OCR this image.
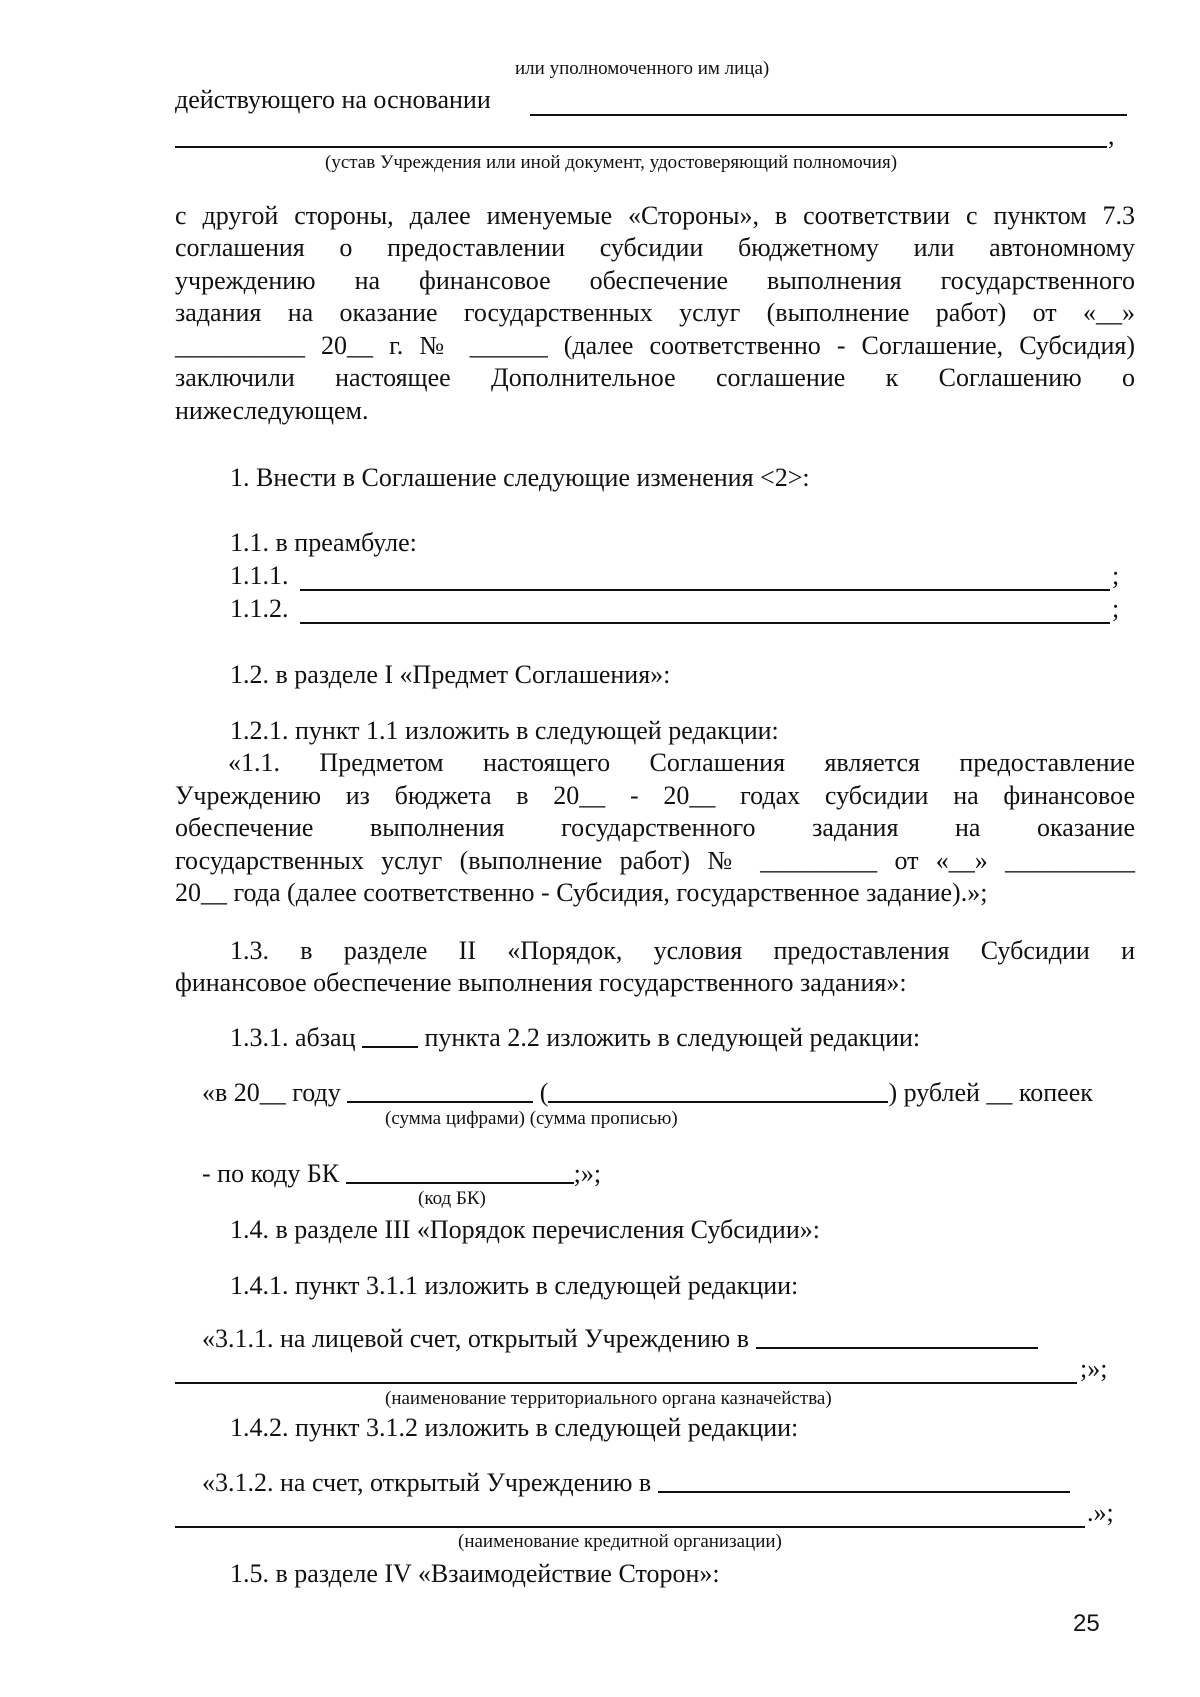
или уполномоченного им лица)
действующего на основании
,
(устав Учреждения или иной документ, удостоверяющий полномочия)
с другой стороны, далее именуемые «Стороны», в соответствии с пунктом 7.3
соглашения о предоставлении субсидии бюджетному или автономному
учреждению на финансовое обеспечение выполнения государственного
задания на оказание государственных услуг (выполнение работ) от «__»
__________ 20__ г. № ______ (далее соответственно - Соглашение, Субсидия)
заключили настоящее Дополнительное соглашение к Соглашению о
нижеследующем.
1. Внести в Соглашение следующие изменения <2>:
1.1. в преамбуле:
1.1.1.	;
1.1.2.	;
1.2. в разделе I «Предмет Соглашения»:
1.2.1. пункт 1.1 изложить в следующей редакции:
«1.1. Предметом настоящего Соглашения является предоставление
Учреждению из бюджета в 20__ - 20__ годах субсидии на финансовое
обеспечение выполнения государственного задания на оказание
государственных услуг (выполнение работ) № _________ от «__» __________
20__ года (далее соответственно - Субсидия, государственное задание).»;
1.3. в разделе II «Порядок, условия предоставления Субсидии и
финансовое обеспечение выполнения государственного задания»:
1.3.1. абзац	пункта 2.2 изложить в следующей редакции:
«в 20__ году	(	) рублей __ копеек
(сумма цифрами) (сумма прописью)
- по коду БК	;»;
(код БК)
1.4. в разделе III «Порядок перечисления Субсидии»:
1.4.1. пункт 3.1.1 изложить в следующей редакции:
«3.1.1. на лицевой счет, открытый Учреждению в
;»;
(наименование территориального органа казначейства)
1.4.2. пункт 3.1.2 изложить в следующей редакции:
«3.1.2. на счет, открытый Учреждению в
.»;
(наименование кредитной организации)
1.5. в разделе IV «Взаимодействие Сторон»:
25
